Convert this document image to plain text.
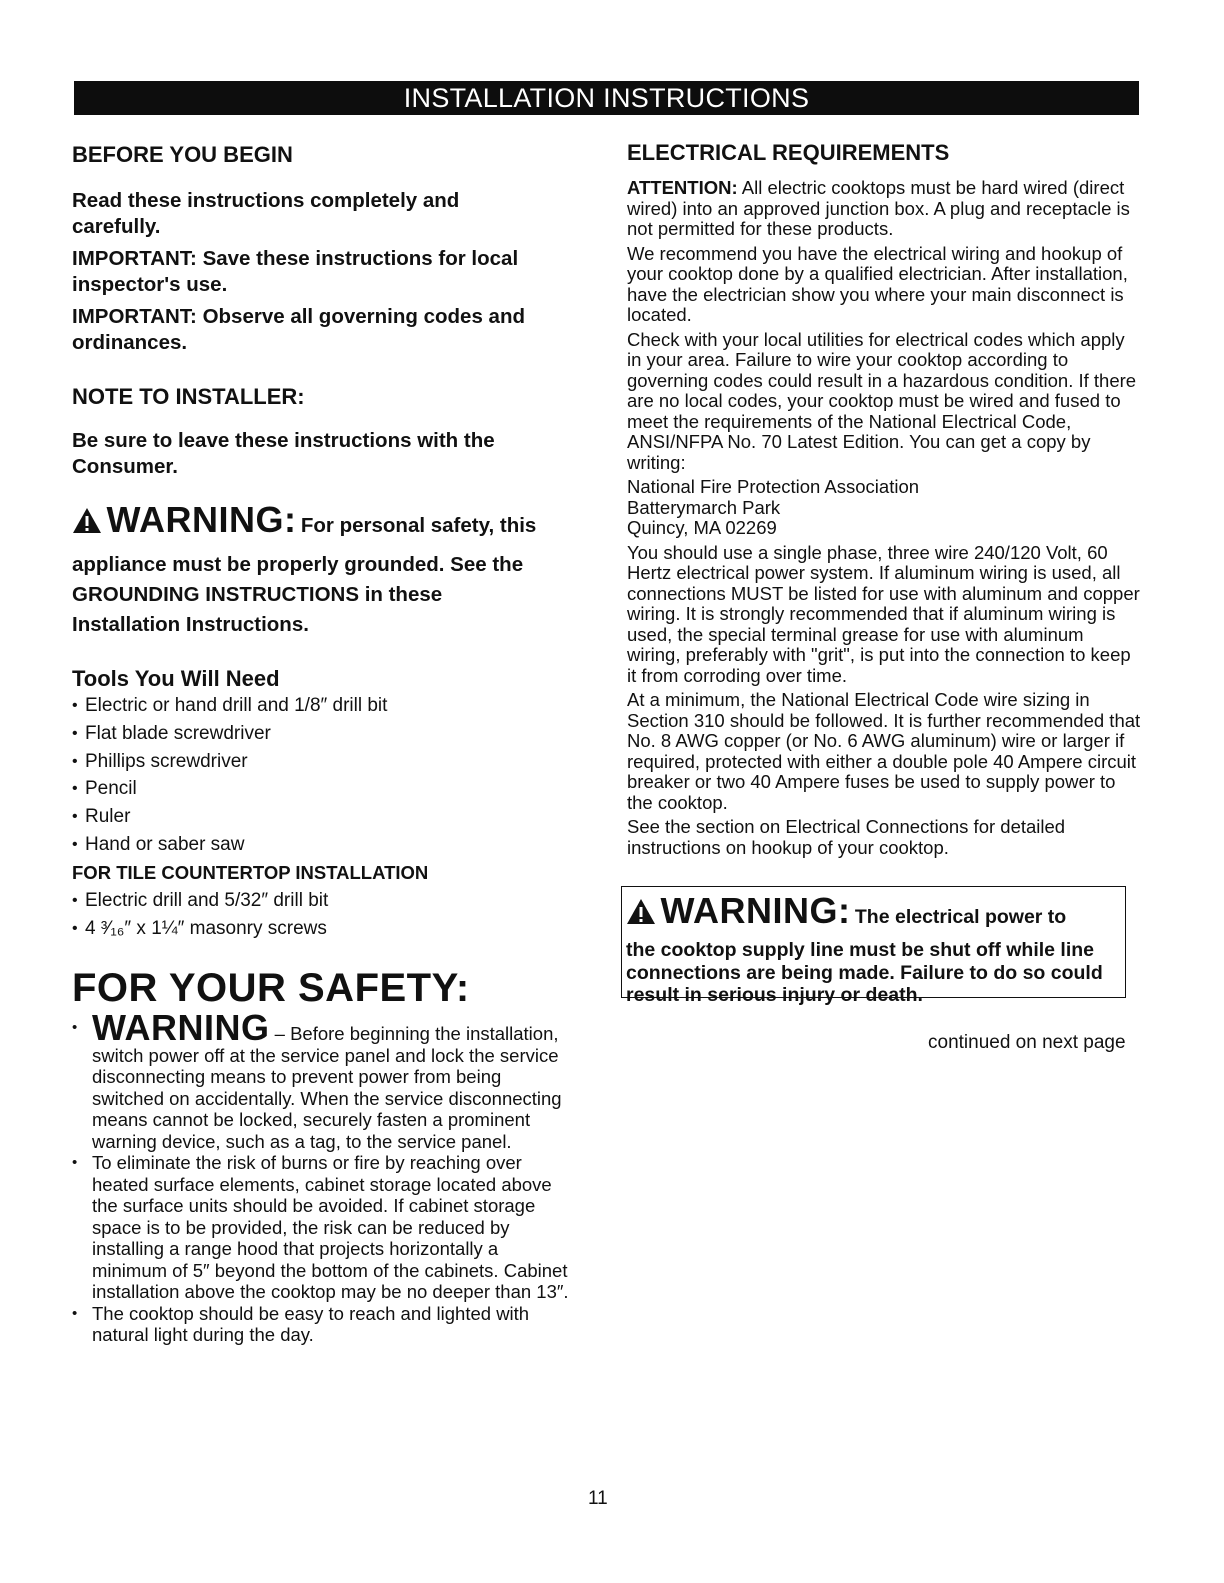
INSTALLATION INSTRUCTIONS
BEFORE YOU BEGIN
Read these instructions completely and carefully.
IMPORTANT: Save these instructions for local inspector's use.
IMPORTANT: Observe all governing codes and ordinances.
NOTE TO INSTALLER:
Be sure to leave these instructions with the Consumer.
WARNING: For personal safety, this
appliance must be properly grounded. See the
GROUNDING INSTRUCTIONS in these
Installation Instructions.
Tools You Will Need
• Electric or hand drill and 1/8″ drill bit
• Flat blade screwdriver
• Phillips screwdriver
• Pencil
• Ruler
• Hand or saber saw
FOR TILE COUNTERTOP INSTALLATION
• Electric drill and 5/32″ drill bit
• 4 ³⁄₁₆″ x 1¼″ masonry screws
FOR YOUR SAFETY:
• WARNING – Before beginning the installation, switch power off at the service panel and lock the service disconnecting means to prevent power from being switched on accidentally. When the service disconnecting means cannot be locked, securely fasten a prominent warning device, such as a tag, to the service panel.
• To eliminate the risk of burns or fire by reaching over heated surface elements, cabinet storage located above the surface units should be avoided. If cabinet storage space is to be provided, the risk can be reduced by installing a range hood that projects horizontally a minimum of 5″ beyond the bottom of the cabinets. Cabinet installation above the cooktop may be no deeper than 13″.
• The cooktop should be easy to reach and lighted with natural light during the day.
ELECTRICAL REQUIREMENTS

ATTENTION: All electric cooktops must be hard wired (direct wired) into an approved junction box. A plug and receptacle is not permitted for these products.

We recommend you have the electrical wiring and hookup of your cooktop done by a qualified electrician. After installation, have the electrician show you where your main disconnect is located.

Check with your local utilities for electrical codes which apply in your area. Failure to wire your cooktop according to governing codes could result in a hazardous condition. If there are no local codes, your cooktop must be wired and fused to meet the requirements of the National Electrical Code, ANSI/NFPA No. 70 Latest Edition. You can get a copy by writing:

National Fire Protection Association
Batterymarch Park
Quincy, MA 02269

You should use a single phase, three wire 240/120 Volt, 60 Hertz electrical power system. If aluminum wiring is used, all connections MUST be listed for use with aluminum and copper wiring. It is strongly recommended that if aluminum wiring is used, the special terminal grease for use with aluminum wiring, preferably with "grit", is put into the connection to keep it from corroding over time.

At a minimum, the National Electrical Code wire sizing in Section 310 should be followed. It is further recommended that No. 8 AWG copper (or No. 6 AWG aluminum) wire or larger if required, protected with either a double pole 40 Ampere circuit breaker or two 40 Ampere fuses be used to supply power to the cooktop.

See the section on Electrical Connections for detailed instructions on hookup of your cooktop.

WARNING: The electrical power to
the cooktop supply line must be shut off while line connections are being made. Failure to do so could result in serious injury or death.
continued on next page
11
